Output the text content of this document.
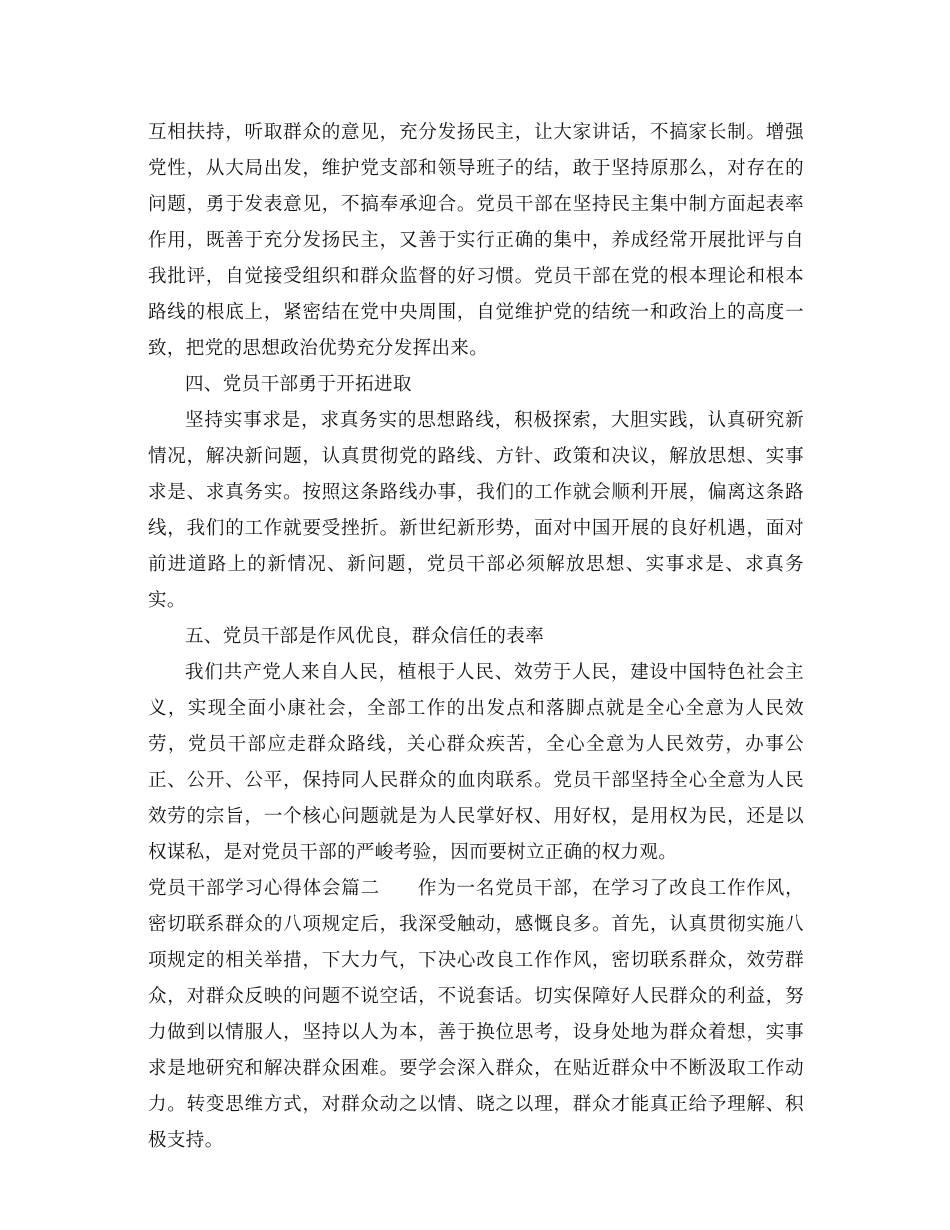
互相扶持，听取群众的意见，充分发扬民主，让大家讲话，不搞家长制。增强党性，从大局出发，维护党支部和领导班子的结，敢于坚持原那么，对存在的问题，勇于发表意见，不搞奉承迎合。党员干部在坚持民主集中制方面起表率作用，既善于充分发扬民主，又善于实行正确的集中，养成经常开展批评与自我批评，自觉接受组织和群众监督的好习惯。党员干部在党的根本理论和根本路线的根底上，紧密结在党中央周围，自觉维护党的结统一和政治上的高度一致，把党的思想政治优势充分发挥出来。

四、党员干部勇于开拓进取

坚持实事求是，求真务实的思想路线，积极探索，大胆实践，认真研究新情况，解决新问题，认真贯彻党的路线、方针、政策和决议，解放思想、实事求是、求真务实。按照这条路线办事，我们的工作就会顺利开展，偏离这条路线，我们的工作就要受挫折。新世纪新形势，面对中国开展的良好机遇，面对前进道路上的新情况、新问题，党员干部必须解放思想、实事求是、求真务实。

五、党员干部是作风优良，群众信任的表率

我们共产党人来自人民，植根于人民、效劳于人民，建设中国特色社会主义，实现全面小康社会，全部工作的出发点和落脚点就是全心全意为人民效劳，党员干部应走群众路线，关心群众疾苦，全心全意为人民效劳，办事公正、公开、公平，保持同人民群众的血肉联系。党员干部坚持全心全意为人民效劳的宗旨，一个核心问题就是为人民掌好权、用好权，是用权为民，还是以权谋私，是对党员干部的严峻考验，因而要树立正确的权力观。

党员干部学习心得体会篇二 作为一名党员干部，在学习了改良工作作风，密切联系群众的八项规定后，我深受触动，感慨良多。首先，认真贯彻实施八项规定的相关举措，下大力气，下决心改良工作作风，密切联系群众，效劳群众，对群众反映的问题不说空话，不说套话。切实保障好人民群众的利益，努力做到以情服人，坚持以人为本，善于换位思考，设身处地为群众着想，实事求是地研究和解决群众困难。要学会深入群众，在贴近群众中不断汲取工作动力。转变思维方式，对群众动之以情、晓之以理，群众才能真正给予理解、积极支持。
